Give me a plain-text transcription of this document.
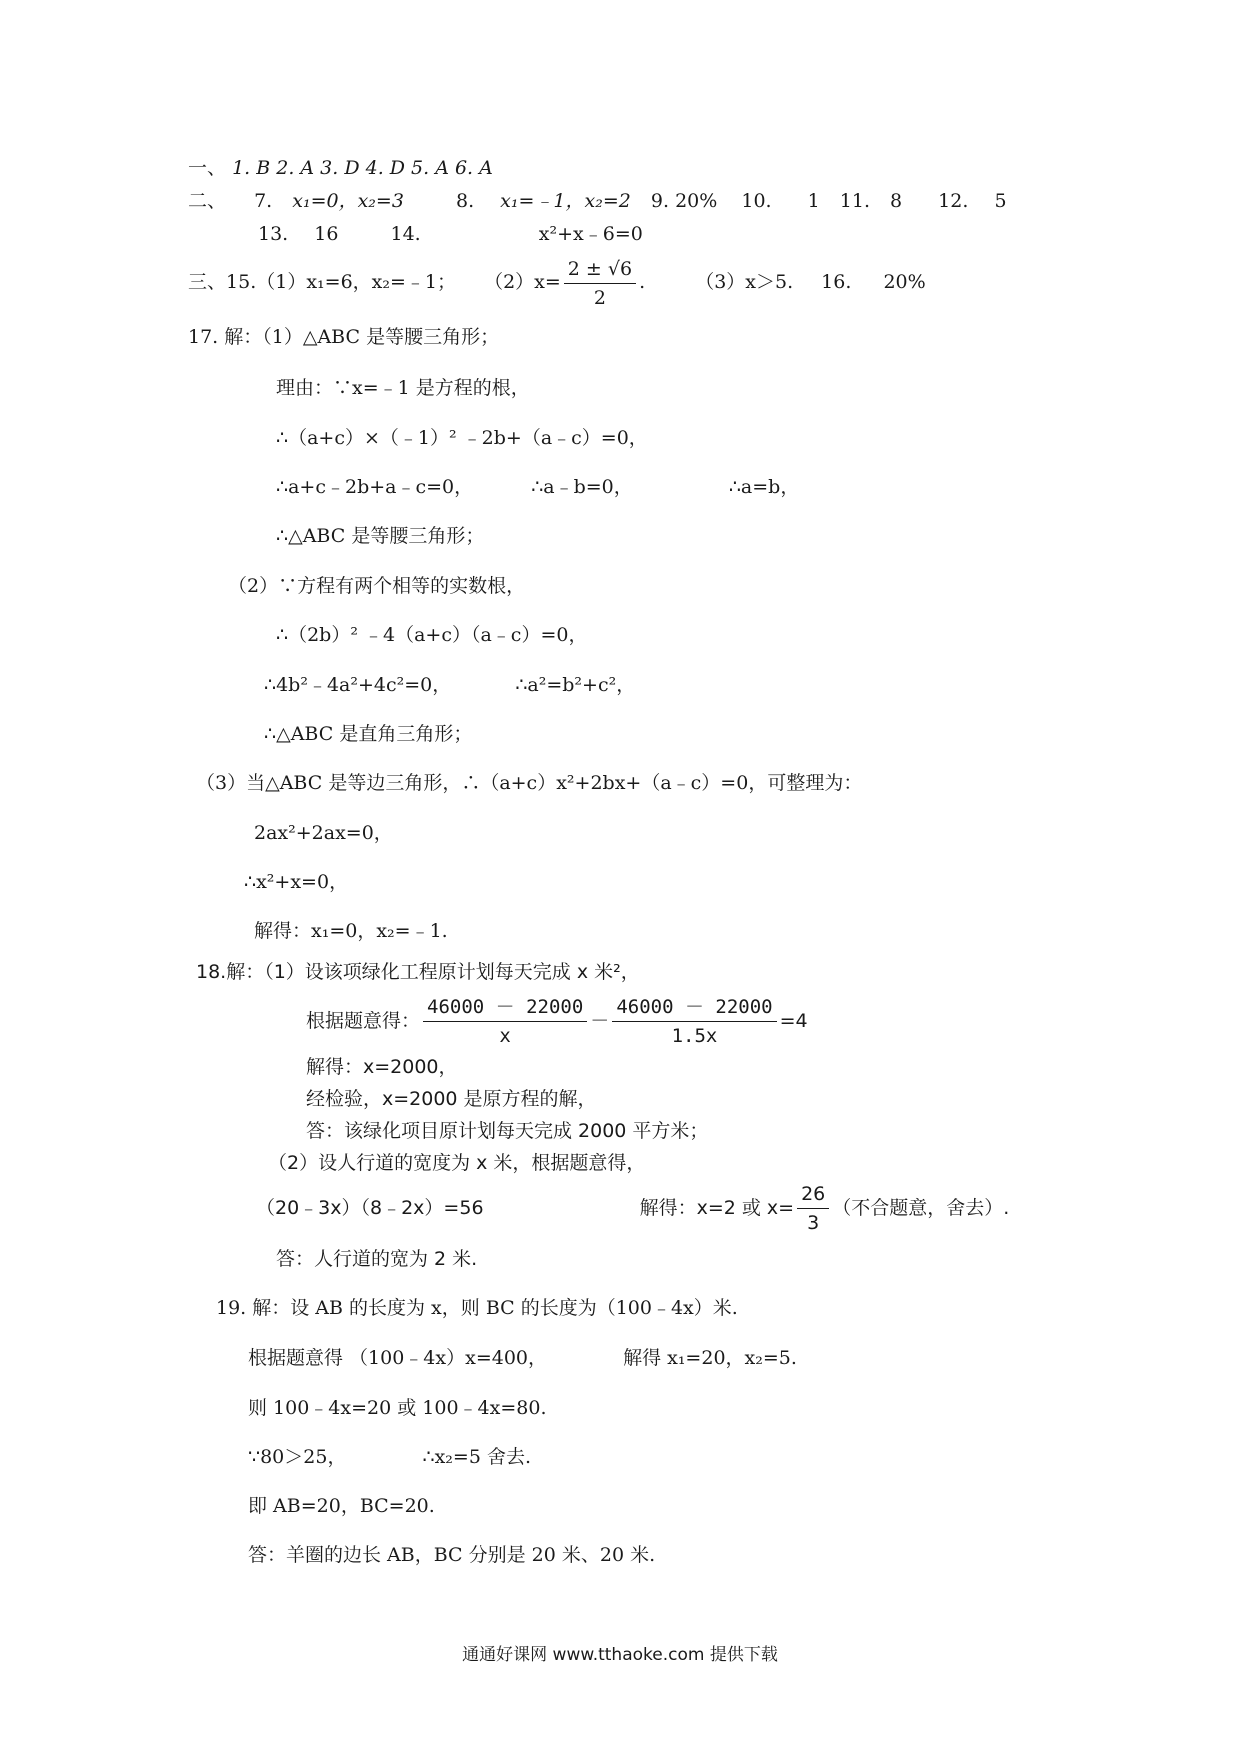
一、 1. B 2. A 3. D 4. D 5. A 6. A
二、 7. x₁=0，x₂=3	8. x₁=﹣1，x₂=2 9. 20% 10. 1 11. 8 12. 5
13. 16	14.	x²+x﹣6=0
三、15.（1）x₁=6，x₂=﹣1； $(2)x= \frac{2 \pm √6}{2}$ . （3）x＞5. 16. 20%
17. 解：（1）△ABC 是等腰三角形；
理由：∵x=﹣1 是方程的根，
∴（a+c）×（﹣1）² ﹣2b+（a﹣c）=0，
∴a+c﹣2b+a﹣c=0，	∴a﹣b=0，	∴a=b，
∴△ABC 是等腰三角形；
（2）∵方程有两个相等的实数根，
∴（2b）² ﹣4（a+c）（a﹣c）=0，
∴4b²﹣4a²+4c²=0，	∴a²=b²+c²，
∴△ABC 是直角三角形；
（3）当△ABC 是等边三角形，∴（a+c）x²+2bx+（a﹣c）=0，可整理为：
2ax²+2ax=0，
∴x²+x=0，
解得：x₁=0，x₂=﹣1.
18.解：（1）设该项绿化工程原计划每天完成 x 米²，
根据题意得： $\frac{46000 - 22000}{x} - \frac{46000 - 22000}{1.5x} =4$
解得：x=2000，
经检验，x=2000 是原方程的解，
答：该绿化项目原计划每天完成 2000 平方米；
（2）设人行道的宽度为 x 米，根据题意得，
（20﹣3x）（8﹣2x）=56	解得：x=2 或 $x= \frac{26}{3}$ （不合题意，舍去）.
答：人行道的宽为 2 米.
19. 解：设 AB 的长度为 x，则 BC 的长度为（100﹣4x）米.
根据题意得 （100﹣4x）x=400，	解得 x₁=20，x₂=5.
则 100﹣4x=20 或 100﹣4x=80.
∵80＞25，	∴x₂=5 舍去.
即 AB=20，BC=20.
答：羊圈的边长 AB，BC 分别是 20 米、20 米.
通通好课网 www.tthaoke.com 提供下载
